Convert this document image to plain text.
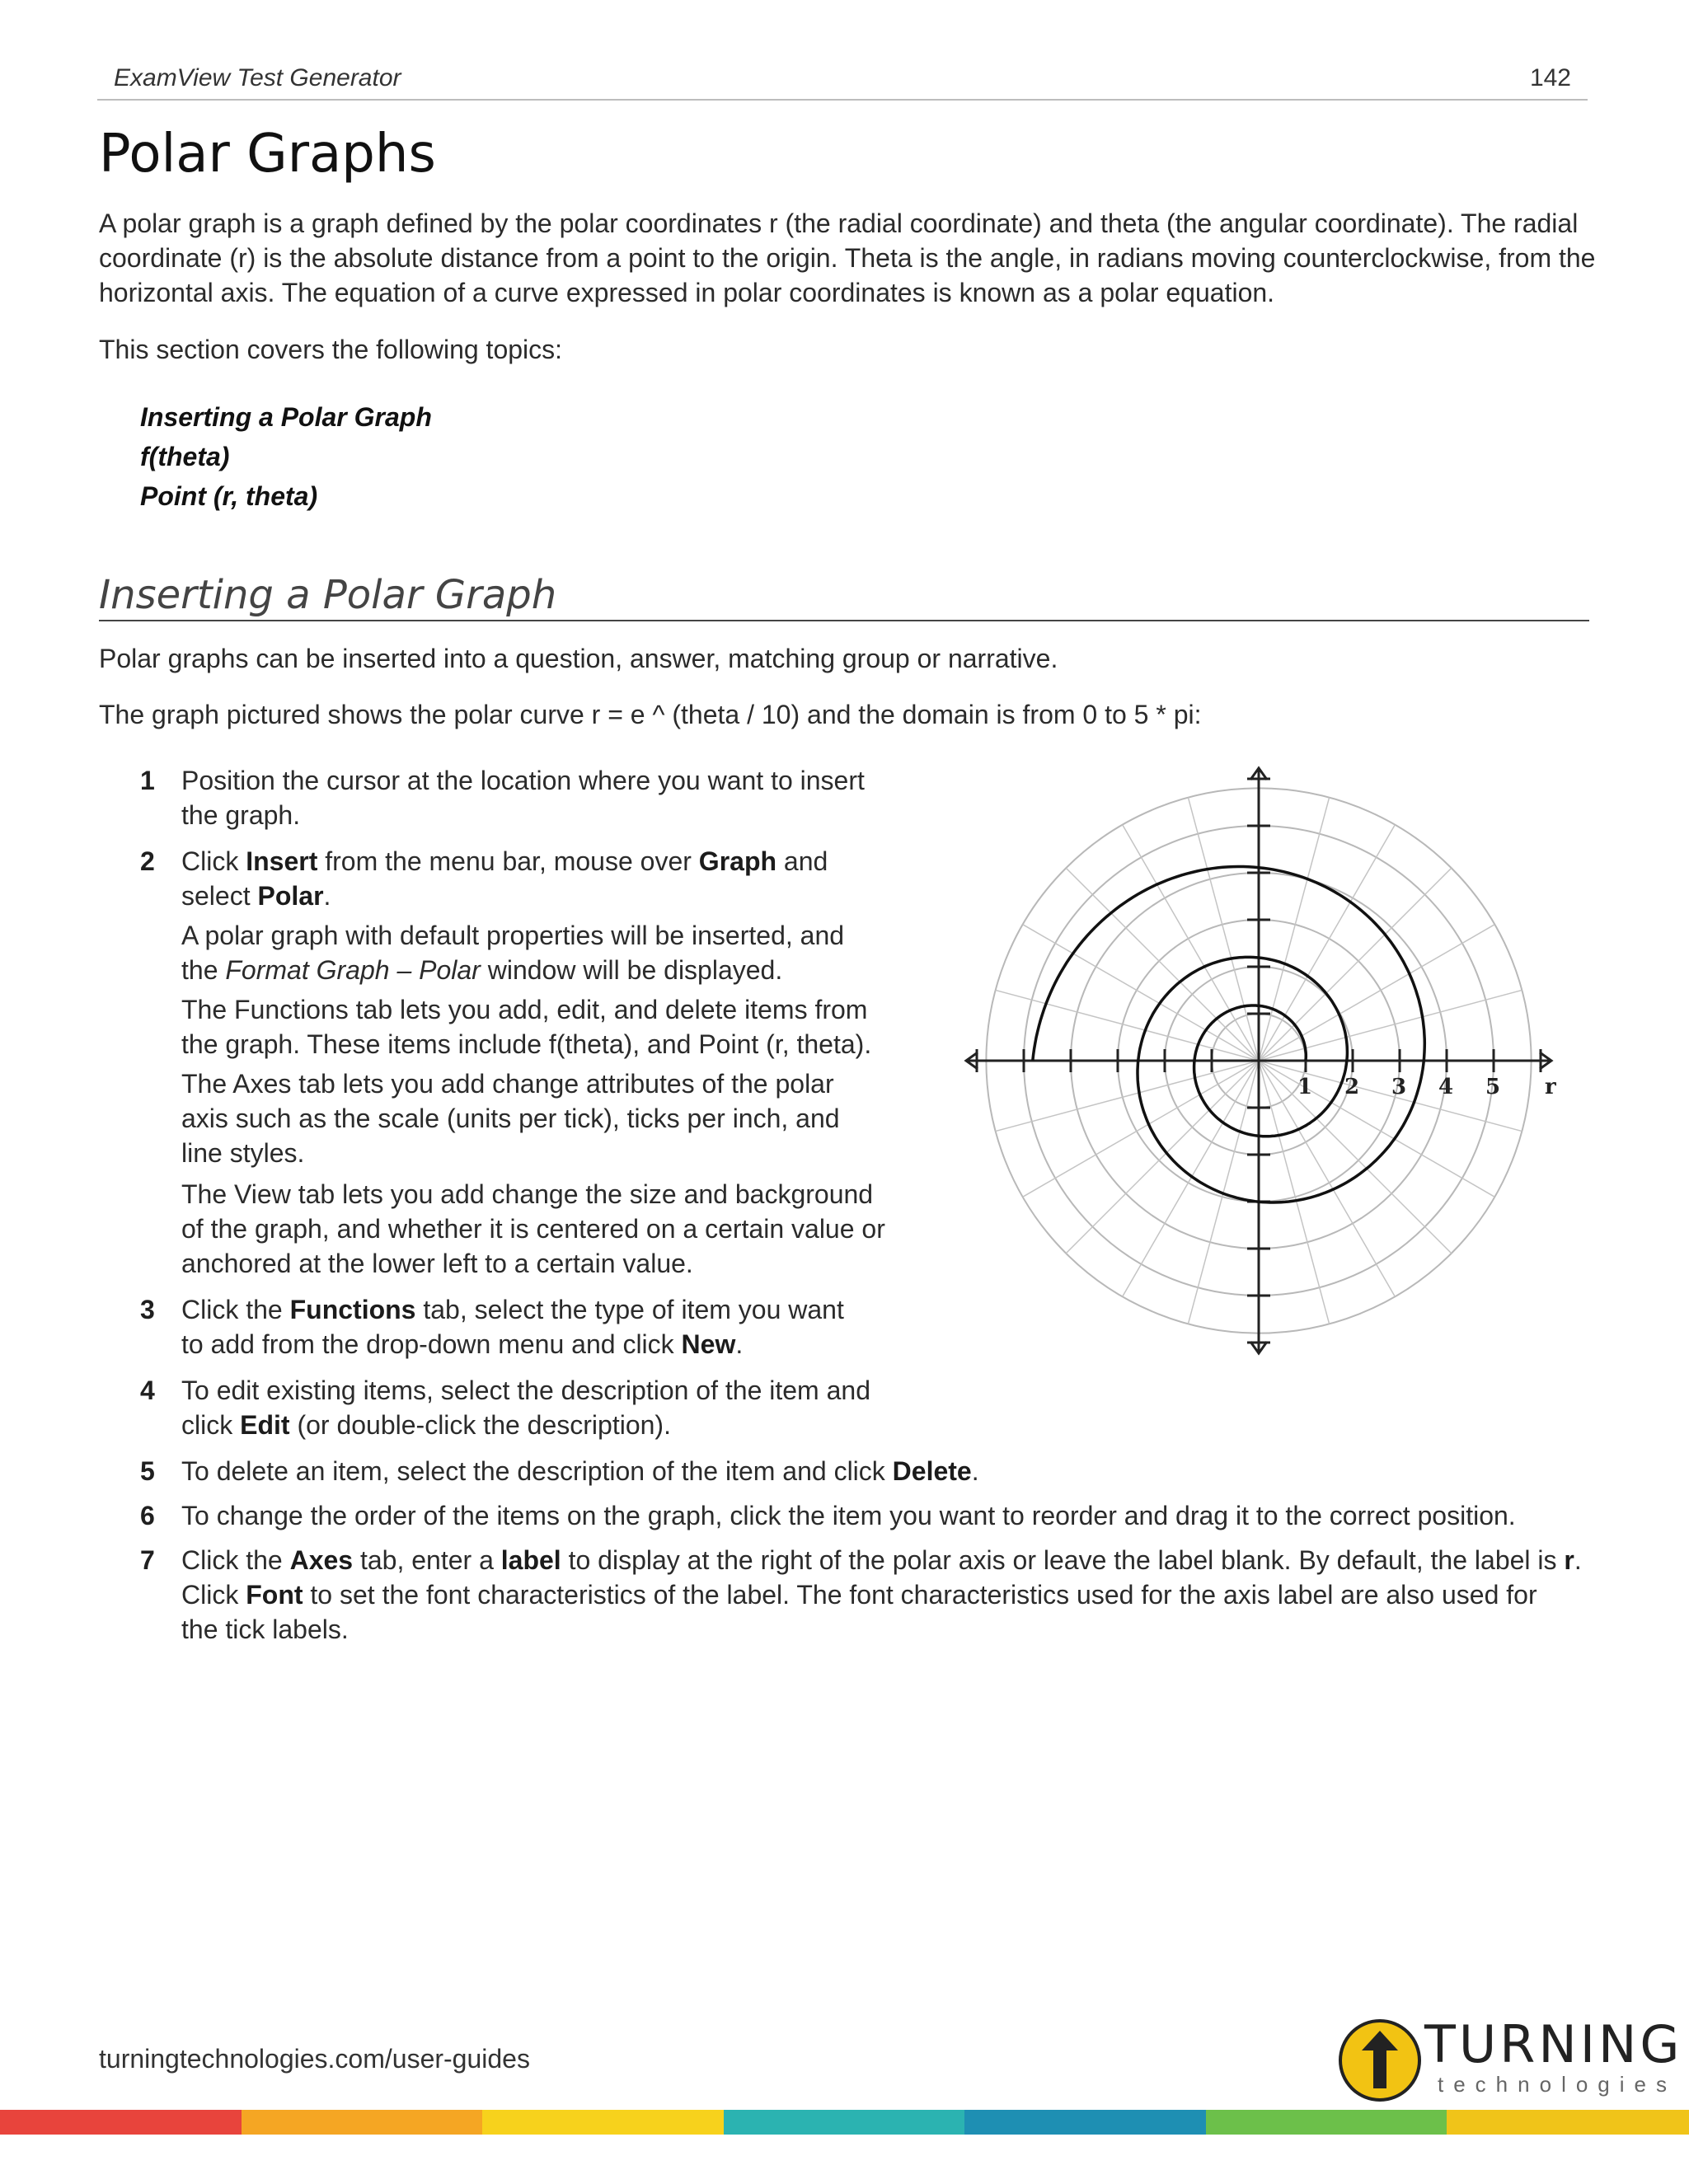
ExamView Test Generator	142
Polar Graphs
A polar graph is a graph defined by the polar coordinates r (the radial coordinate) and theta (the angular coordinate). The radial coordinate (r) is the absolute distance from a point to the origin. Theta is the angle, in radians moving counterclockwise, from the horizontal axis. The equation of a curve expressed in polar coordinates is known as a polar equation.
This section covers the following topics:
Inserting a Polar Graph
f(theta)
Point (r, theta)
Inserting a Polar Graph
Polar graphs can be inserted into a question, answer, matching group or narrative.
The graph pictured shows the polar curve r = e ^ (theta / 10) and the domain is from 0 to 5 * pi:
1 Position the cursor at the location where you want to insert
the graph.
2 Click Insert from the menu bar, mouse over Graph and
select Polar.
A polar graph with default properties will be inserted, and
the Format Graph – Polar window will be displayed.
The Functions tab lets you add, edit, and delete items from
the graph. These items include f(theta), and Point (r, theta).
The Axes tab lets you add change attributes of the polar
axis such as the scale (units per tick), ticks per inch, and
line styles.
The View tab lets you add change the size and background
of the graph, and whether it is centered on a certain value or
anchored at the lower left to a certain value.
3 Click the Functions tab, select the type of item you want
to add from the drop-down menu and click New.
4 To edit existing items, select the description of the item and
click Edit (or double-click the description).
5 To delete an item, select the description of the item and click Delete.
6 To change the order of the items on the graph, click the item you want to reorder and drag it to the correct position.
7 Click the Axes tab, enter a label to display at the right of the polar axis or leave the label blank. By default, the label is r.
Click Font to set the font characteristics of the label. The font characteristics used for the axis label are also used for
the tick labels.
1 2 3 4 5 r
turningtechnologies.com/user-guides	TURNING
technologies
